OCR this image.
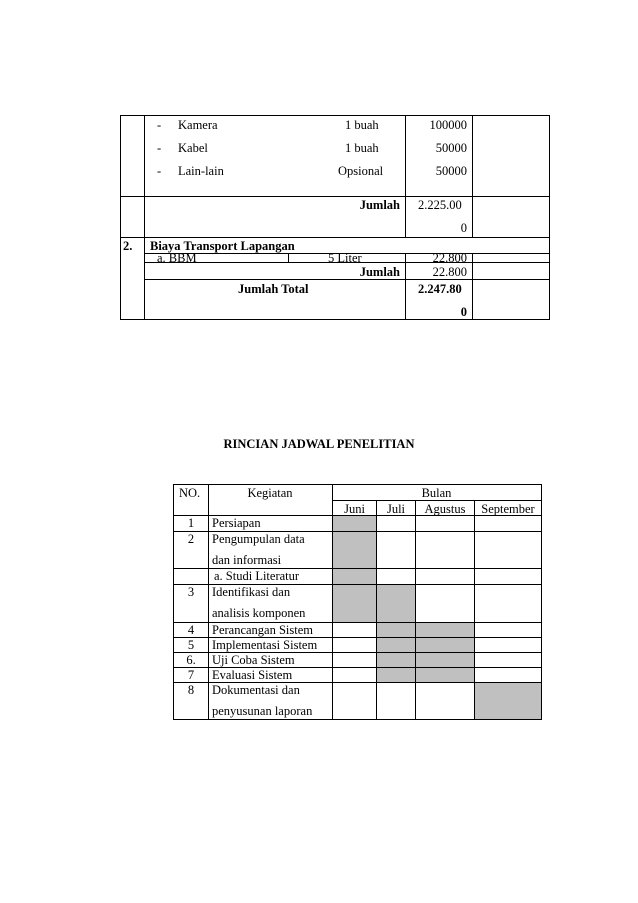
- Kamera	1 buah	100000
- Kabel	1 buah	50000
- Lain-lain	Opsional	50000
Jumlah 2.225.00
0
2. Biaya Transport Lapangan
a. BBM	5 Liter	22.800
Jumlah	22.800
Jumlah Total	2.247.80
0
RINCIAN JADWAL PENELITIAN
NO.	Kegiatan	Bulan
Juni	Juli	Agustus	September
1	Persiapan
2	Pengumpulan data
dan informasi
a. Studi Literatur
3	Identifikasi dan
analisis komponen
4	Perancangan Sistem
5	Implementasi Sistem
6.	Uji Coba Sistem
7	Evaluasi Sistem
8	Dokumentasi dan
penyusunan laporan
